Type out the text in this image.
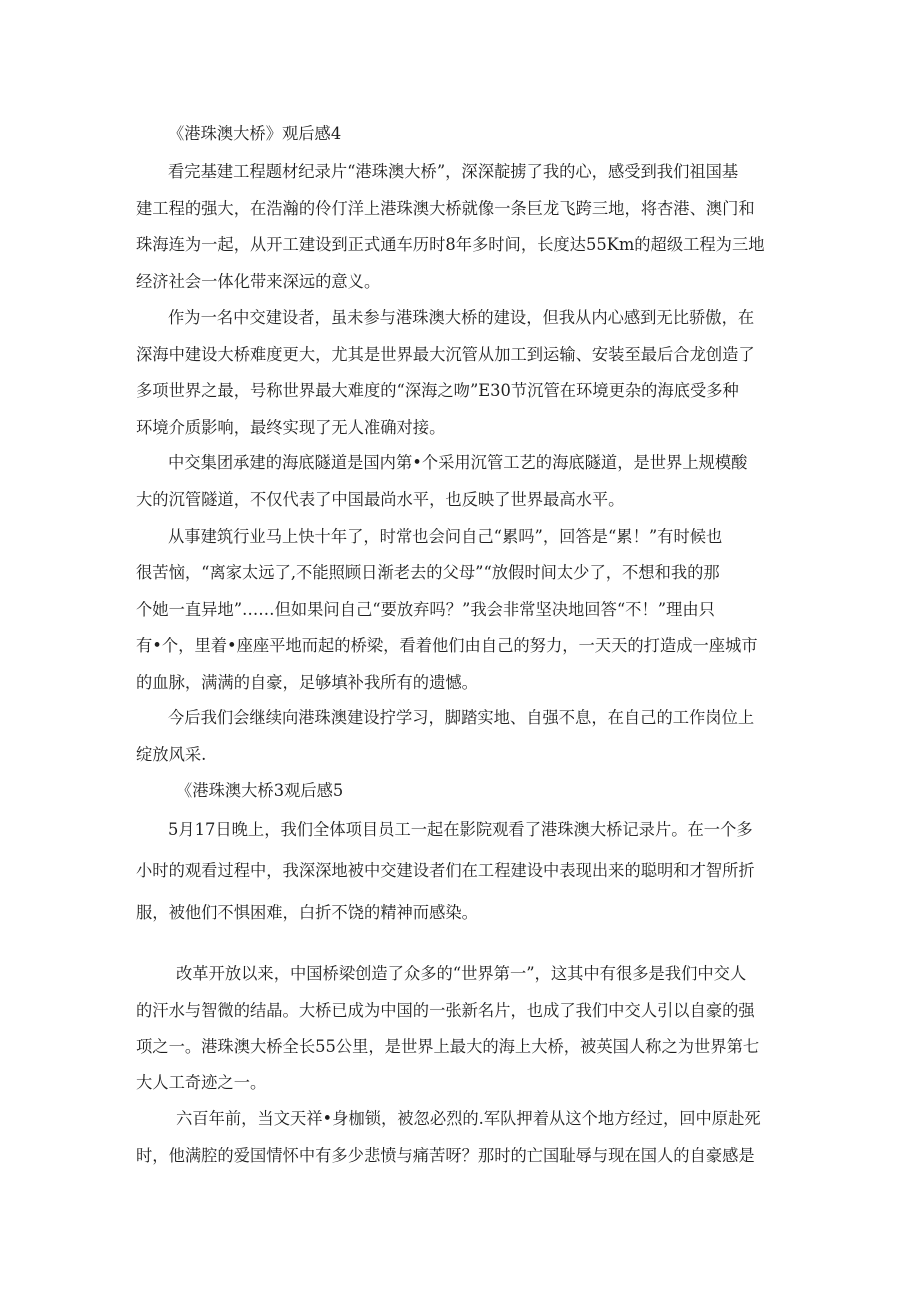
《港珠澳大桥》观后感4

看完基建工程题材纪录片“港珠澳大桥”，深深靛掳了我的心，感受到我们祖国基

建工程的强大，在浩瀚的伶仃洋上港珠澳大桥就像一条巨龙飞跨三地，将杏港、澳门和

珠海连为一起，从开工建设到正式通车历时8年多时间，长度达55Km的超级工程为三地

经济社会一体化带来深远的意义。

作为一名中交建设者，虽未参与港珠澳大桥的建设，但我从内心感到无比骄傲，在

深海中建设大桥难度更大，尤其是世界最大沉管从加工到运输、安装至最后合龙创造了

多项世界之最，号称世界最大难度的“深海之吻”E30节沉管在环境更杂的海底受多种

环境介质影响，最终实现了无人准确对接。

中交集团承建的海底隧道是国内第•个采用沉管工艺的海底隧道，是世界上规模酸

大的沉管隧道，不仅代表了中国最尚水平，也反映了世界最高水平。

从事建筑行业马上快十年了，时常也会问自己“累吗”，回答是“累！”有时候也

很苦恼，“离家太远了,不能照顾日渐老去的父母”“放假时间太少了，不想和我的那

个她一直异地”……但如果问自己“要放弃吗？”我会非常坚决地回答“不！”理由只

有•个，里着•座座平地而起的桥梁，看着他们由自己的努力，一天天的打造成一座城市

的血脉，满满的自豪，足够填补我所有的遗憾。

今后我们会继续向港珠澳建设拧学习，脚踏实地、自强不息，在自己的工作岗位上

绽放风采.

《港珠澳大桥3观后感5

5月17日晚上，我们全体项目员工一起在影院观看了港珠澳大桥记录片。在一个多

小时的观看过程中，我深深地被中交建设者们在工程建设中表现出来的聪明和才智所折

服，被他们不惧困难，白折不饶的精神而感染。

改革开放以来，中国桥梁创造了众多的“世界第一”，这其中有很多是我们中交人

的汗水与智微的结晶。大桥已成为中国的一张新名片，也成了我们中交人引以自豪的强

项之一。港珠澳大桥全长55公里，是世界上最大的海上大桥，被英国人称之为世界第七

大人工奇迹之一。

六百年前，当文天祥•身枷锁，被忽必烈的.军队押着从这个地方经过，回中原赴死

时，他满腔的爱国情怀中有多少悲愤与痛苦呀？那时的亡国耻辱与现在国人的自豪感是
